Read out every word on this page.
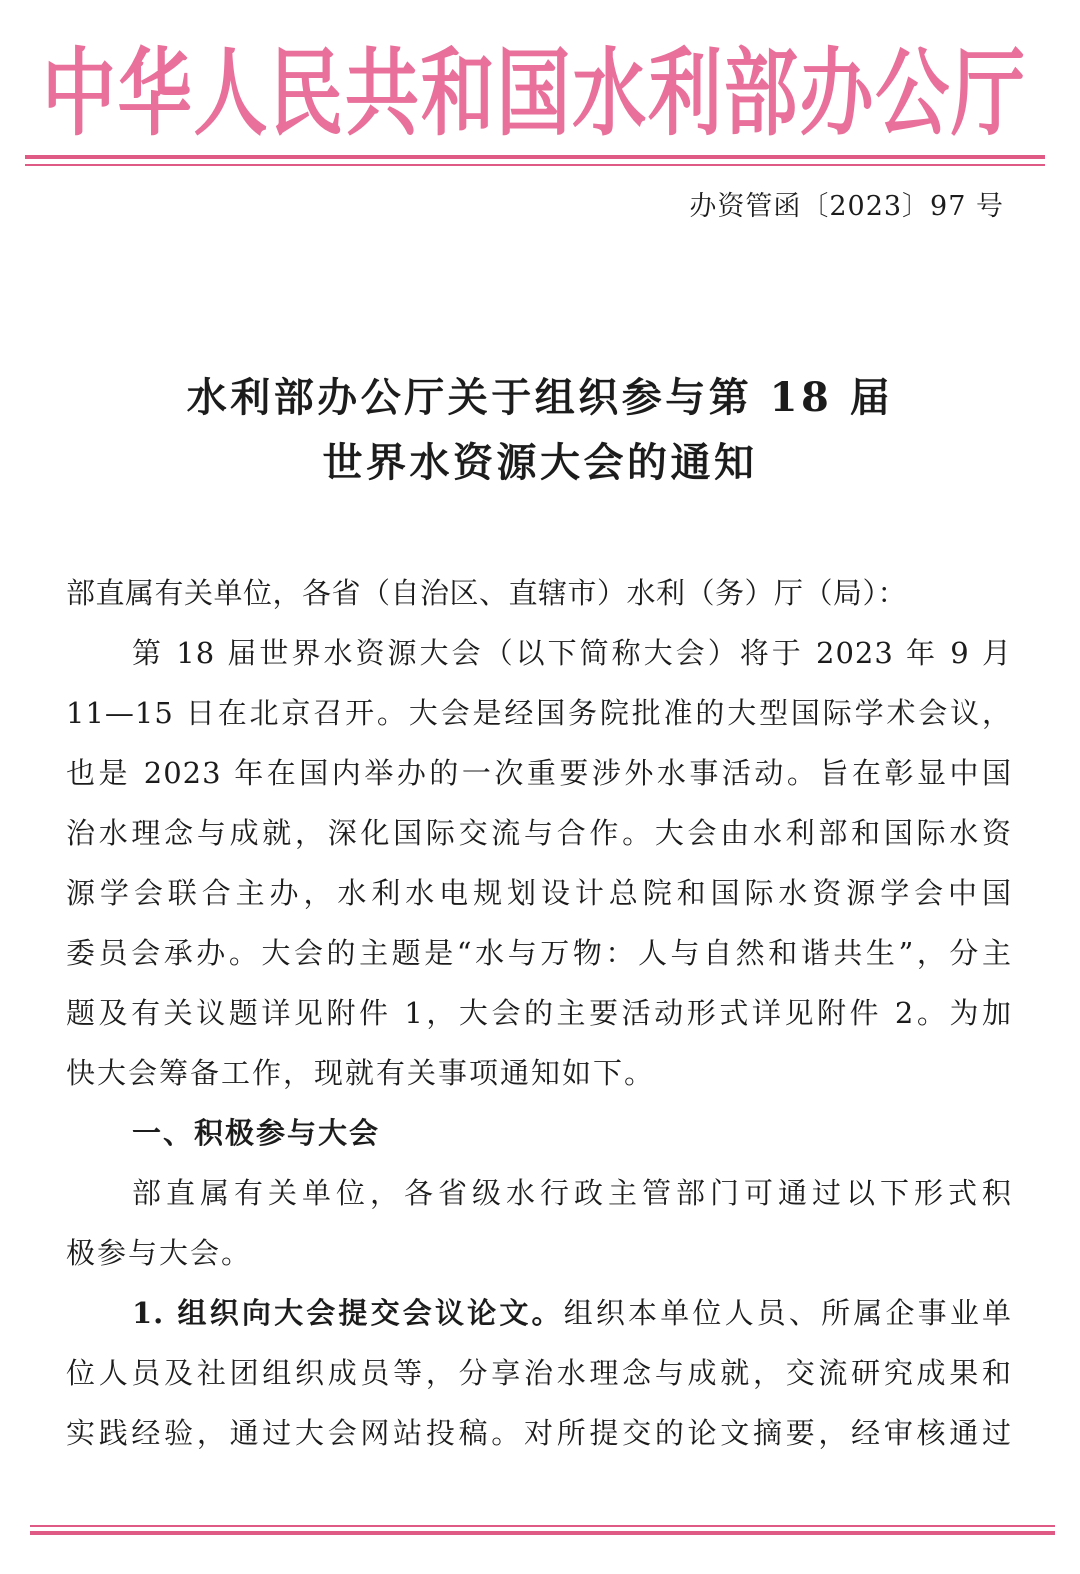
中华人民共和国水利部办公厅
办资管函〔2023〕97 号
水利部办公厅关于组织参与第 18 届
世界水资源大会的通知
部直属有关单位，各省（自治区、直辖市）水利（务）厅（局）：
第 18 届世界水资源大会（以下简称大会）将于 2023 年 9 月
11—15 日在北京召开。大会是经国务院批准的大型国际学术会议，
也是 2023 年在国内举办的一次重要涉外水事活动。旨在彰显中国
治水理念与成就，深化国际交流与合作。大会由水利部和国际水资
源学会联合主办，水利水电规划设计总院和国际水资源学会中国
委员会承办。大会的主题是“水与万物：人与自然和谐共生”，分主
题及有关议题详见附件 1，大会的主要活动形式详见附件 2。为加
快大会筹备工作，现就有关事项通知如下。
一、积极参与大会
部直属有关单位，各省级水行政主管部门可通过以下形式积
极参与大会。
1. 组织向大会提交会议论文。组织本单位人员、所属企事业单
位人员及社团组织成员等，分享治水理念与成就，交流研究成果和
实践经验，通过大会网站投稿。对所提交的论文摘要，经审核通过
